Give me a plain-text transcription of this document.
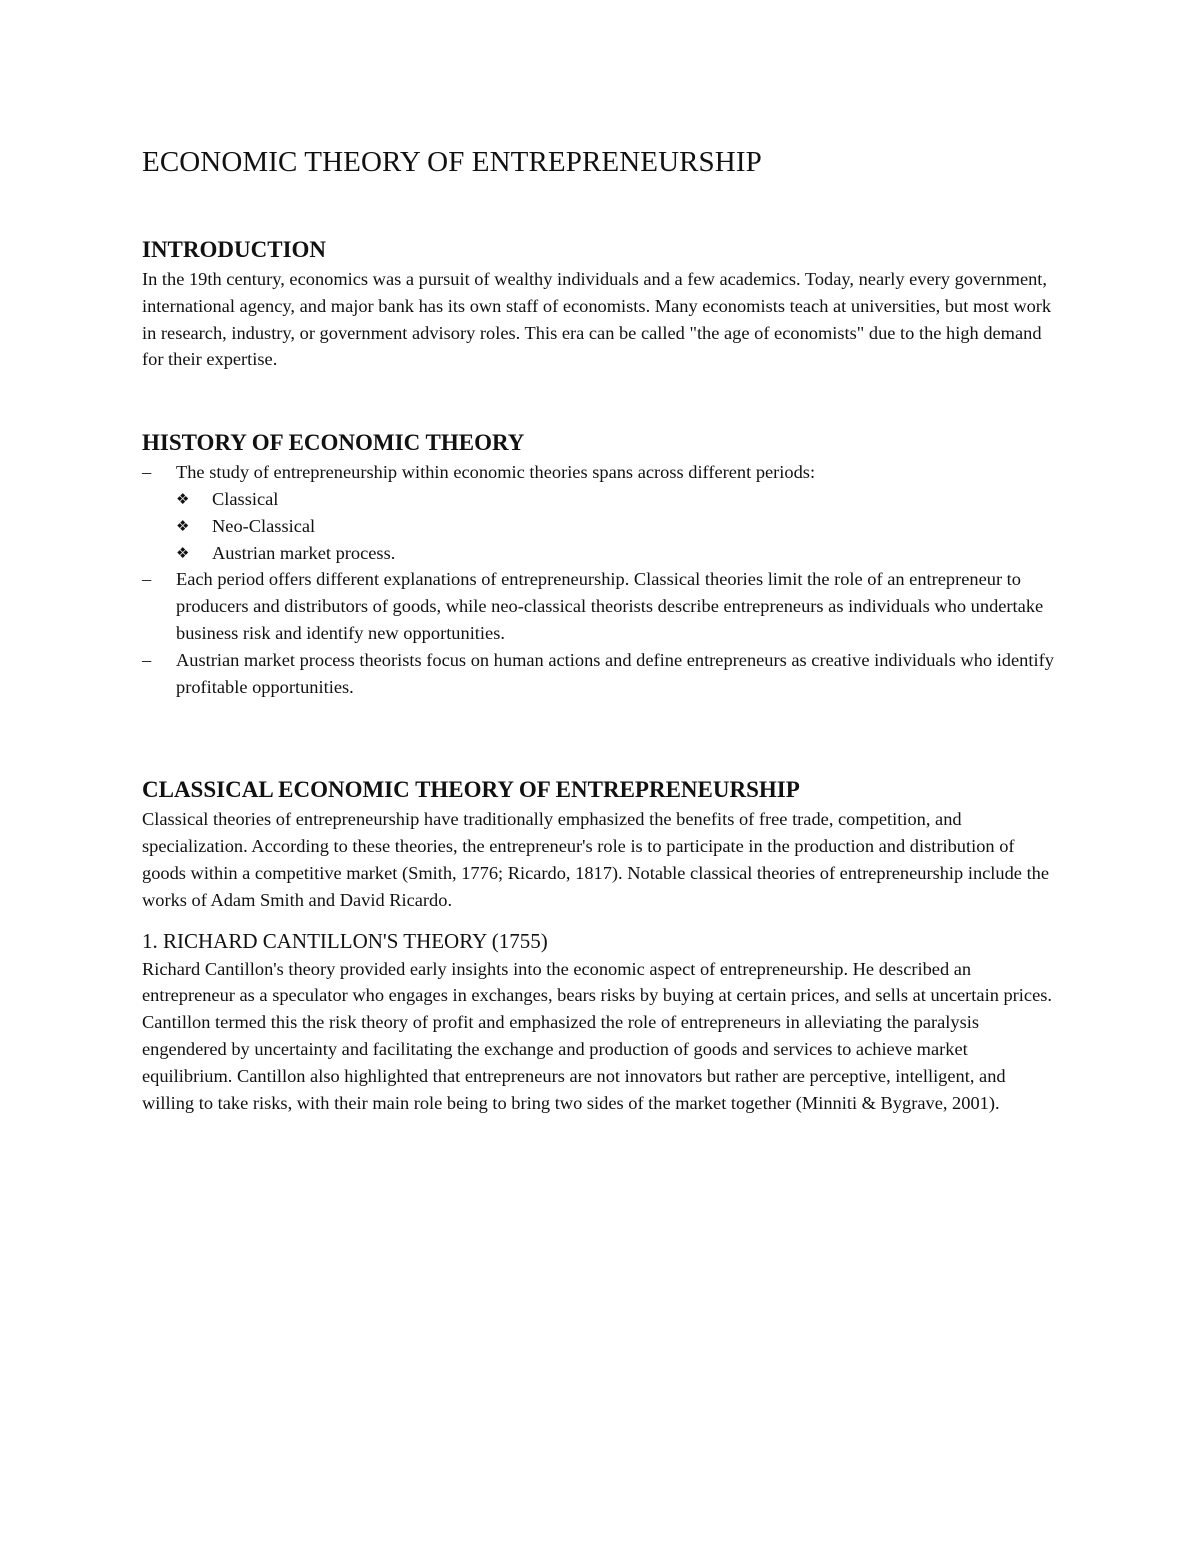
ECONOMIC THEORY OF ENTREPRENEURSHIP
INTRODUCTION

In the 19th century, economics was a pursuit of wealthy individuals and a few academics. Today, nearly every government, international agency, and major bank has its own staff of economists. Many economists teach at universities, but most work in research, industry, or government advisory roles. This era can be called "the age of economists" due to the high demand for their expertise.

HISTORY OF ECONOMIC THEORY
–	The study of entrepreneurship within economic theories spans across different periods:
❖ Classical
❖ Neo-Classical
❖ Austrian market process.
–	Each period offers different explanations of entrepreneurship. Classical theories limit the role of an entrepreneur to producers and distributors of goods, while neo-classical theorists describe entrepreneurs as individuals who undertake business risk and identify new opportunities.
–	Austrian market process theorists focus on human actions and define entrepreneurs as creative individuals who identify profitable opportunities.
CLASSICAL ECONOMIC THEORY OF ENTREPRENEURSHIP

Classical theories of entrepreneurship have traditionally emphasized the benefits of free trade, competition, and specialization. According to these theories, the entrepreneur's role is to participate in the production and distribution of goods within a competitive market (Smith, 1776; Ricardo, 1817). Notable classical theories of entrepreneurship include the works of Adam Smith and David Ricardo.

1. RICHARD CANTILLON'S THEORY (1755)

Richard Cantillon's theory provided early insights into the economic aspect of entrepreneurship. He described an entrepreneur as a speculator who engages in exchanges, bears risks by buying at certain prices, and sells at uncertain prices. Cantillon termed this the risk theory of profit and emphasized the role of entrepreneurs in alleviating the paralysis engendered by uncertainty and facilitating the exchange and production of goods and services to achieve market equilibrium. Cantillon also highlighted that entrepreneurs are not innovators but rather are perceptive, intelligent, and willing to take risks, with their main role being to bring two sides of the market together (Minniti & Bygrave, 2001).
